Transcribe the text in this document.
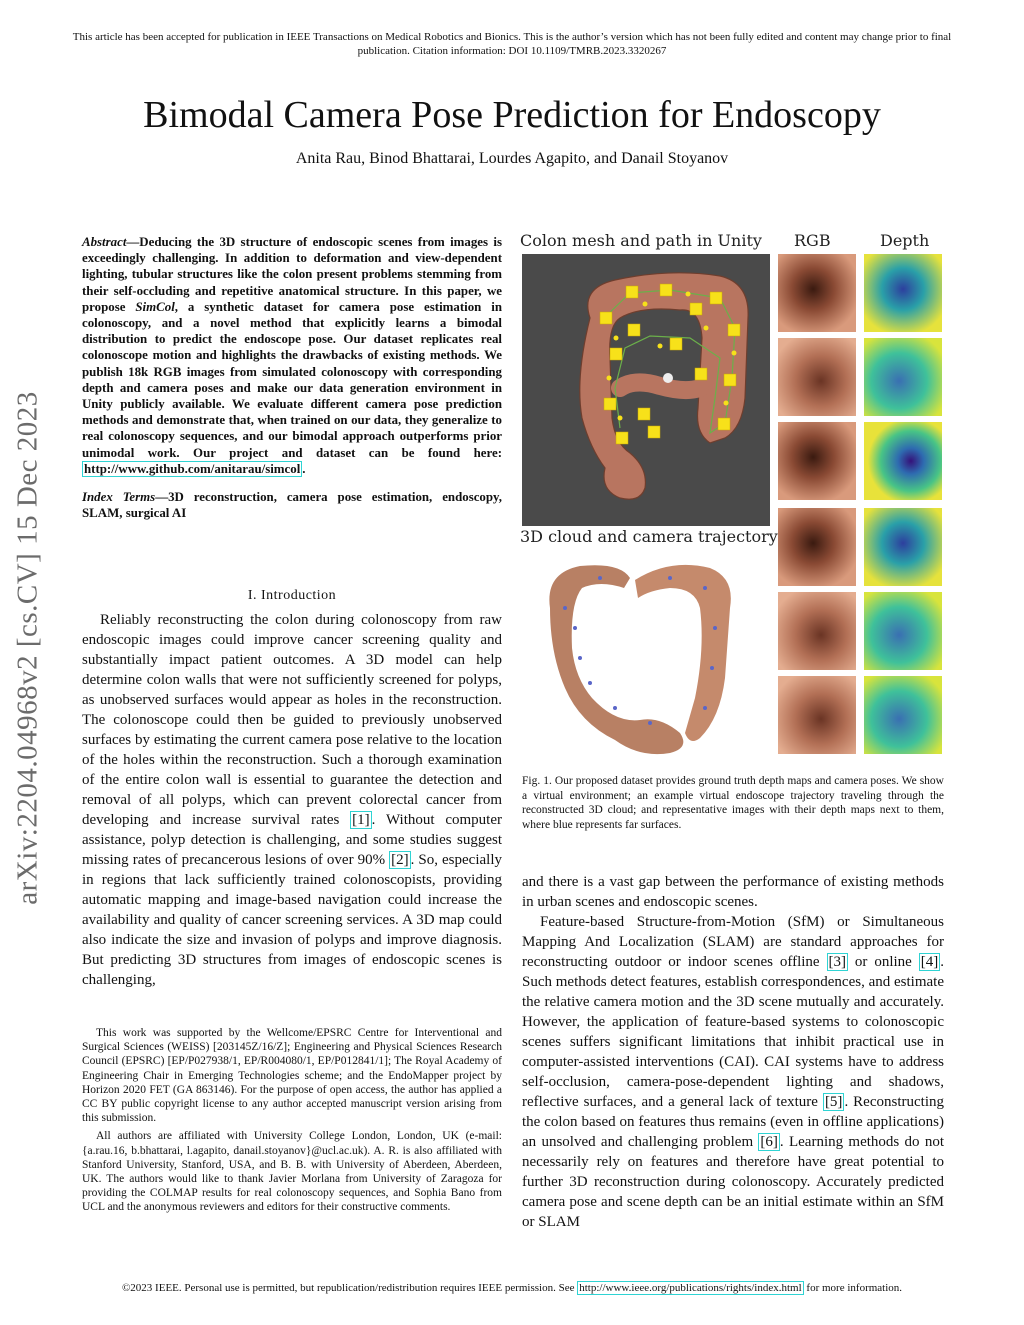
This article has been accepted for publication in IEEE Transactions on Medical Robotics and Bionics. This is the author’s version which has not been fully edited and content may change prior to final publication. Citation information: DOI 10.1109/TMRB.2023.3320267
arXiv:2204.04968v2 [cs.CV] 15 Dec 2023
Bimodal Camera Pose Prediction for Endoscopy
Anita Rau, Binod Bhattarai, Lourdes Agapito, and Danail Stoyanov
Abstract—Deducing the 3D structure of endoscopic scenes from images is exceedingly challenging. In addition to deformation and view-dependent lighting, tubular structures like the colon present problems stemming from their self-occluding and repetitive anatomical structure. In this paper, we propose SimCol, a synthetic dataset for camera pose estimation in colonoscopy, and a novel method that explicitly learns a bimodal distribution to predict the endoscope pose. Our dataset replicates real colonoscope motion and highlights the drawbacks of existing methods. We publish 18k RGB images from simulated colonoscopy with corresponding depth and camera poses and make our data generation environment in Unity publicly available. We evaluate different camera pose prediction methods and demonstrate that, when trained on our data, they generalize to real colonoscopy sequences, and our bimodal approach outperforms prior unimodal work. Our project and dataset can be found here: http://www.github.com/anitarau/simcol .
Index Terms—3D reconstruction, camera pose estimation, endoscopy, SLAM, surgical AI
I. Introduction
Reliably reconstructing the colon during colonoscopy from raw endoscopic images could improve cancer screening quality and substantially impact patient outcomes. A 3D model can help determine colon walls that were not sufficiently screened for polyps, as unobserved surfaces would appear as holes in the reconstruction. The colonoscope could then be guided to previously unobserved surfaces by estimating the current camera pose relative to the location of the holes within the reconstruction. Such a thorough examination of the entire colon wall is essential to guarantee the detection and removal of all polyps, which can prevent colorectal cancer from developing and increase survival rates [1] . Without computer assistance, polyp detection is challenging, and some studies suggest missing rates of precancerous lesions of over 90% [2] . So, especially in regions that lack sufficiently trained colonoscopists, providing automatic mapping and image-based navigation could increase the availability and quality of cancer screening services. A 3D map could also indicate the size and invasion of polyps and improve diagnosis. But predicting 3D structures from images of endoscopic scenes is challenging,

This work was supported by the Wellcome/EPSRC Centre for Interventional and Surgical Sciences (WEISS) [203145Z/16/Z]; Engineering and Physical Sciences Research Council (EPSRC) [EP/P027938/1, EP/R004080/1, EP/P012841/1]; The Royal Academy of Engineering Chair in Emerging Technologies scheme; and the EndoMapper project by Horizon 2020 FET (GA 863146). For the purpose of open access, the author has applied a CC BY public copyright license to any author accepted manuscript version arising from this submission.

All authors are affiliated with University College London, London, UK (e-mail:{a.rau.16, b.bhattarai, l.agapito, danail.stoyanov}@ucl.ac.uk). A. R. is also affiliated with Stanford University, Stanford, USA, and B. B. with University of Aberdeen, Aberdeen, UK. The authors would like to thank Javier Morlana from University of Zaragoza for providing the COLMAP results for real colonoscopy sequences, and Sophia Bano from UCL and the anonymous reviewers and editors for their constructive comments.

Colon mesh and path in Unity RGB	Depth
3D cloud and camera trajectory
Fig. 1. Our proposed dataset provides ground truth depth maps and camera poses. We show a virtual environment; an example virtual endoscope trajectory traveling through the reconstructed 3D cloud; and representative images with their depth maps next to them, where blue represents far surfaces.

and there is a vast gap between the performance of existing methods in urban scenes and endoscopic scenes.

Feature-based Structure-from-Motion (SfM) or Simultaneous Mapping And Localization (SLAM) are standard approaches for reconstructing outdoor or indoor scenes offline [3] or online [4] . Such methods detect features, establish correspondences, and estimate the relative camera motion and the 3D scene mutually and accurately. However, the application of feature-based systems to colonoscopic scenes suffers significant limitations that inhibit practical use in computer-assisted interventions (CAI). CAI systems have to address self-occlusion, camera-pose-dependent lighting and shadows, reflective surfaces, and a general lack of texture [5] . Reconstructing the colon based on features thus remains (even in offline applications) an unsolved and challenging problem [6] . Learning methods do not necessarily rely on features and therefore have great potential to further 3D reconstruction during colonoscopy. Accurately predicted camera pose and scene depth can be an initial estimate within an SfM or SLAM

©2023 IEEE. Personal use is permitted, but republication/redistribution requires IEEE permission. See http://www.ieee.org/publications/rights/index.html for more information.
